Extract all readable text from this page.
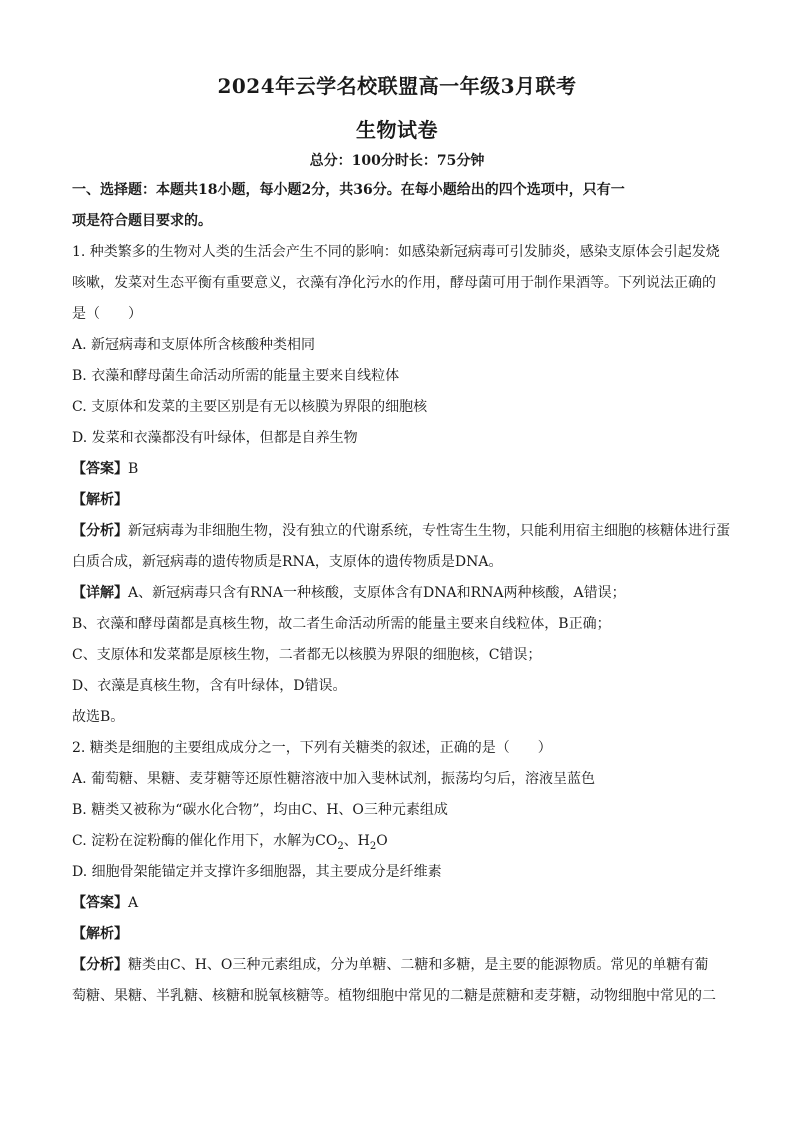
2024年云学名校联盟高一年级3月联考
生物试卷
总分：100分时长：75分钟
一、选择题：本题共18小题，每小题2分，共36分。在每小题给出的四个选项中，只有一
项是符合题目要求的。
1. 种类繁多的生物对人类的生活会产生不同的影响：如感染新冠病毒可引发肺炎，感染支原体会引起发烧
咳嗽，发菜对生态平衡有重要意义，衣藻有净化污水的作用，酵母菌可用于制作果酒等。下列说法正确的
是（　　）
A. 新冠病毒和支原体所含核酸种类相同
B. 衣藻和酵母菌生命活动所需的能量主要来自线粒体
C. 支原体和发菜的主要区别是有无以核膜为界限的细胞核
D. 发菜和衣藻都没有叶绿体，但都是自养生物
【答案】B
【解析】
【分析】新冠病毒为非细胞生物，没有独立的代谢系统，专性寄生生物，只能利用宿主细胞的核糖体进行蛋
白质合成，新冠病毒的遗传物质是RNA，支原体的遗传物质是DNA。
【详解】A、新冠病毒只含有RNA一种核酸，支原体含有DNA和RNA两种核酸，A错误；
B、衣藻和酵母菌都是真核生物，故二者生命活动所需的能量主要来自线粒体，B正确；
C、支原体和发菜都是原核生物，二者都无以核膜为界限的细胞核，C错误；
D、衣藻是真核生物，含有叶绿体，D错误。
故选B。
2. 糖类是细胞的主要组成成分之一，下列有关糖类的叙述，正确的是（　　）
A. 葡萄糖、果糖、麦芽糖等还原性糖溶液中加入斐林试剂，振荡均匀后，溶液呈蓝色
B. 糖类又被称为“碳水化合物”，均由C、H、O三种元素组成
C. 淀粉在淀粉酶的催化作用下，水解为$CO_2$、$H_2O$
D. 细胞骨架能锚定并支撑许多细胞器，其主要成分是纤维素
【答案】A
【解析】
【分析】糖类由C、H、O三种元素组成，分为单糖、二糖和多糖，是主要的能源物质。常见的单糖有葡
萄糖、果糖、半乳糖、核糖和脱氧核糖等。植物细胞中常见的二糖是蔗糖和麦芽糖，动物细胞中常见的二
